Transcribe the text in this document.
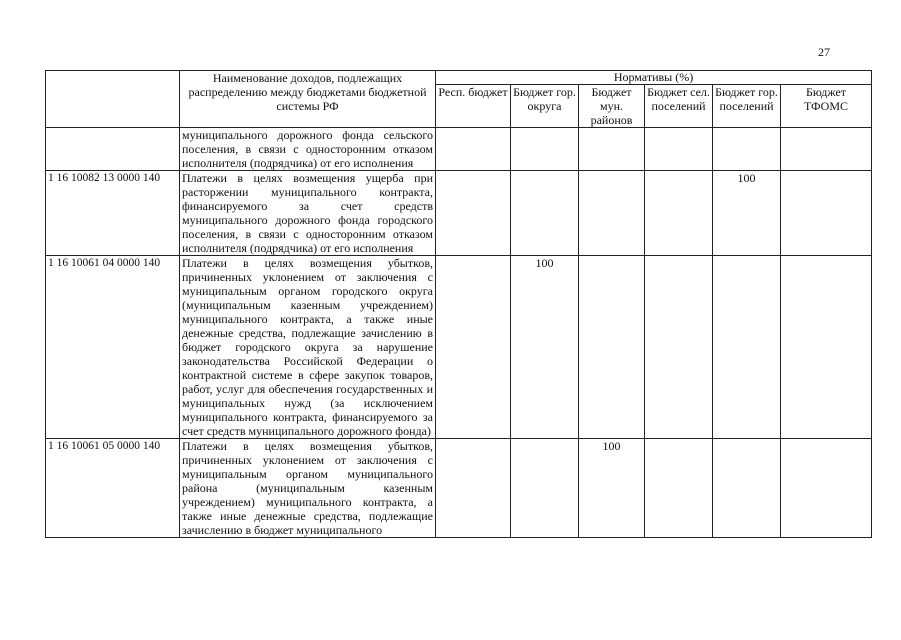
27
	Наименование доходов, подлежащих распределению между бюджетами бюджетной системы РФ	Нормативы (%)					
		Респ. бюджет	Бюджет гор. округа	Бюджет мун. районов	Бюджет сел. поселений	Бюджет гор. поселений	Бюджет ТФОМС
	муниципального дорожного фонда сельского поселения, в связи с односторонним отказом исполнителя (подрядчика) от его исполнения						
1 16 10082 13 0000 140	Платежи в целях возмещения ущерба при расторжении муниципального контракта, финансируемого за счет средств муниципального дорожного фонда городского поселения, в связи с односторонним отказом исполнителя (подрядчика) от его исполнения					100	
1 16 10061 04 0000 140	Платежи в целях возмещения убытков, причиненных уклонением от заключения с муниципальным органом городского округа (муниципальным казенным учреждением) муниципального контракта, а также иные денежные средства, подлежащие зачислению в бюджет городского округа за нарушение законодательства Российской Федерации о контрактной системе в сфере закупок товаров, работ, услуг для обеспечения государственных и муниципальных нужд (за исключением муниципального контракта, финансируемого за счет средств муниципального дорожного фонда)		100				
1 16 10061 05 0000 140	Платежи в целях возмещения убытков, причиненных уклонением от заключения с муниципальным органом муниципального района (муниципальным казенным учреждением) муниципального контракта, а также иные денежные средства, подлежащие зачислению в бюджет муниципального			100			
